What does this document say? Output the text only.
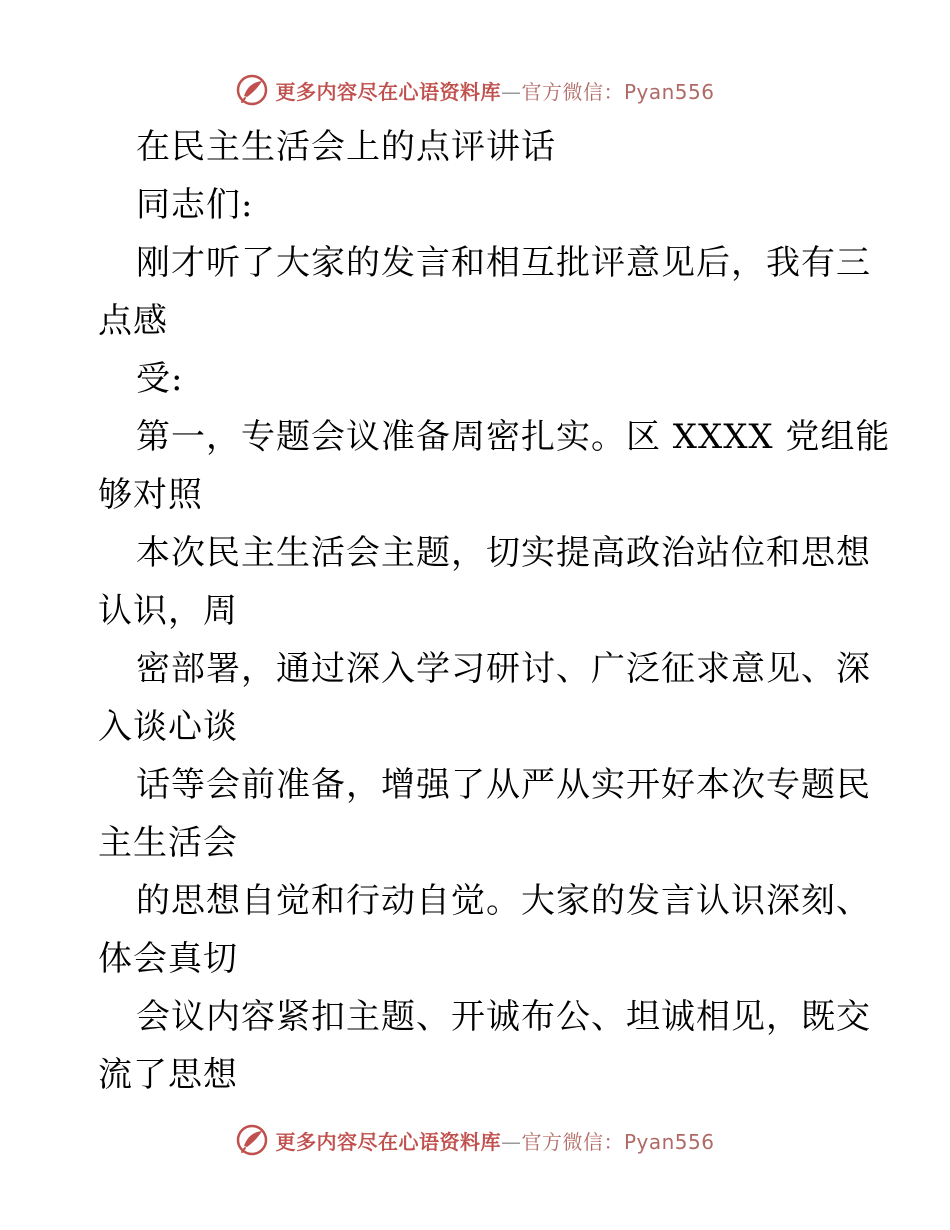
更多内容尽在心语资料库—官方微信：Pyan556
在民主生活会上的点评讲话
同志们:
刚才听了大家的发言和相互批评意见后，我有三
点感
受:
第一，专题会议准备周密扎实。区 XXXX 党组能
够对照
本次民主生活会主题，切实提高政治站位和思想
认识，周
密部署，通过深入学习研讨、广泛征求意见、深
入谈心谈
话等会前准备，增强了从严从实开好本次专题民
主生活会
的思想自觉和行动自觉。大家的发言认识深刻、
体会真切
会议内容紧扣主题、开诚布公、坦诚相见，既交
流了思想
更多内容尽在心语资料库—官方微信：Pyan556
